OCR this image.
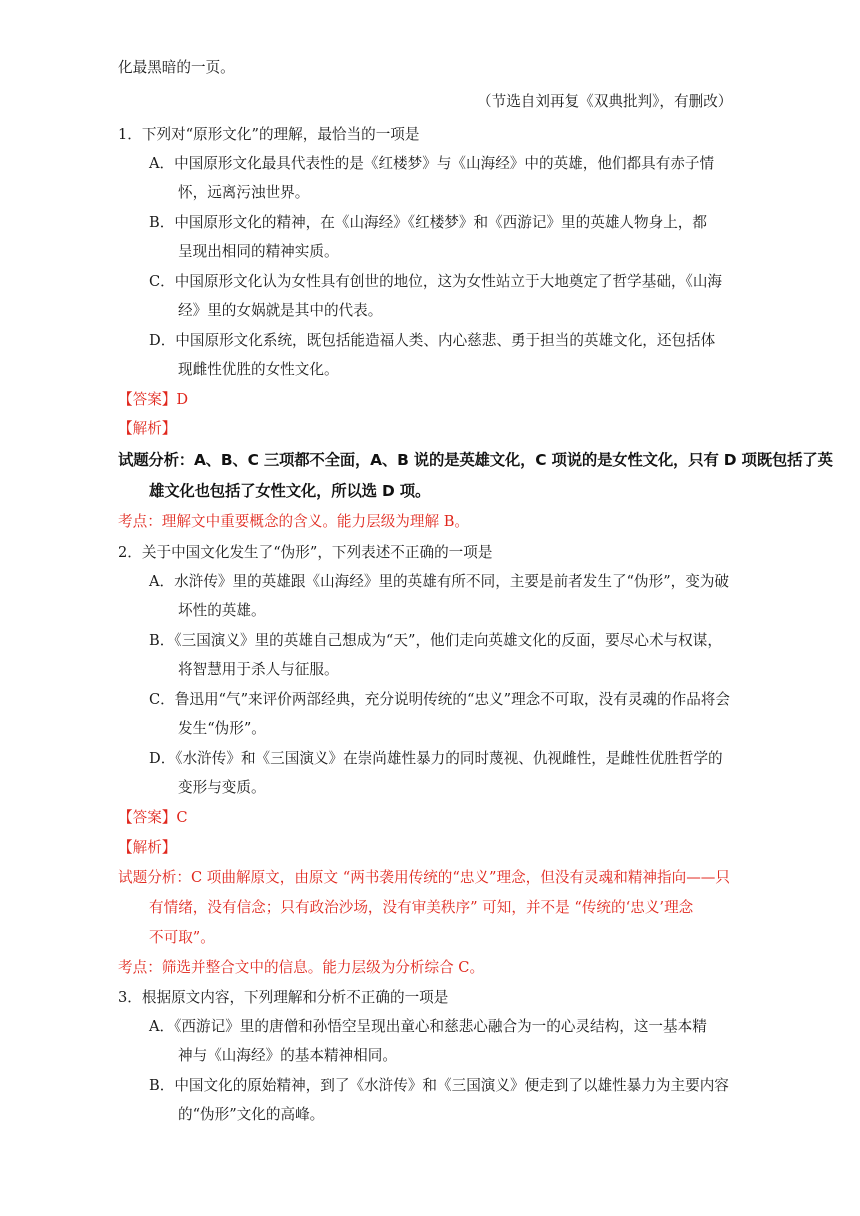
化最黑暗的一页。
（节选自刘再复《双典批判》，有删改）
1．下列对“原形文化”的理解，最恰当的一项是
A．中国原形文化最具代表性的是《红楼梦》与《山海经》中的英雄，他们都具有赤子情
怀，远离污浊世界。
B．中国原形文化的精神，在《山海经》《红楼梦》和《西游记》里的英雄人物身上，都
呈现出相同的精神实质。
C．中国原形文化认为女性具有创世的地位，这为女性站立于大地奠定了哲学基础，《山海
经》里的女娲就是其中的代表。
D．中国原形文化系统，既包括能造福人类、内心慈悲、勇于担当的英雄文化，还包括体
现雌性优胜的女性文化。
【答案】D
【解析】
试题分析：A、B、C 三项都不全面，A、B 说的是英雄文化，C 项说的是女性文化，只有 D 项既包括了英
雄文化也包括了女性文化，所以选 D 项。
考点：理解文中重要概念的含义。能力层级为理解 B。
2．关于中国文化发生了“伪形”，下列表述不正确的一项是
A．水浒传》里的英雄跟《山海经》里的英雄有所不同，主要是前者发生了“伪形”，变为破
坏性的英雄。
B．《三国演义》里的英雄自己想成为“天”，他们走向英雄文化的反面，要尽心术与权谋，
将智慧用于杀人与征服。
C．鲁迅用“气”来评价两部经典，充分说明传统的“忠义”理念不可取，没有灵魂的作品将会
发生“伪形”。
D．《水浒传》和《三国演义》在崇尚雄性暴力的同时蔑视、仇视雌性，是雌性优胜哲学的
变形与变质。
【答案】C
【解析】
试题分析：C 项曲解原文，由原文 “两书袭用传统的“忠义”理念，但没有灵魂和精神指向——只
有情绪，没有信念；只有政治沙场，没有审美秩序” 可知，并不是 “传统的‘忠义’理念
不可取”。
考点：筛选并整合文中的信息。能力层级为分析综合 C。
3．根据原文内容，下列理解和分析不正确的一项是
A．《西游记》里的唐僧和孙悟空呈现出童心和慈悲心融合为一的心灵结构，这一基本精
神与《山海经》的基本精神相同。
B．中国文化的原始精神，到了《水浒传》和《三国演义》便走到了以雄性暴力为主要内容
的“伪形”文化的高峰。
